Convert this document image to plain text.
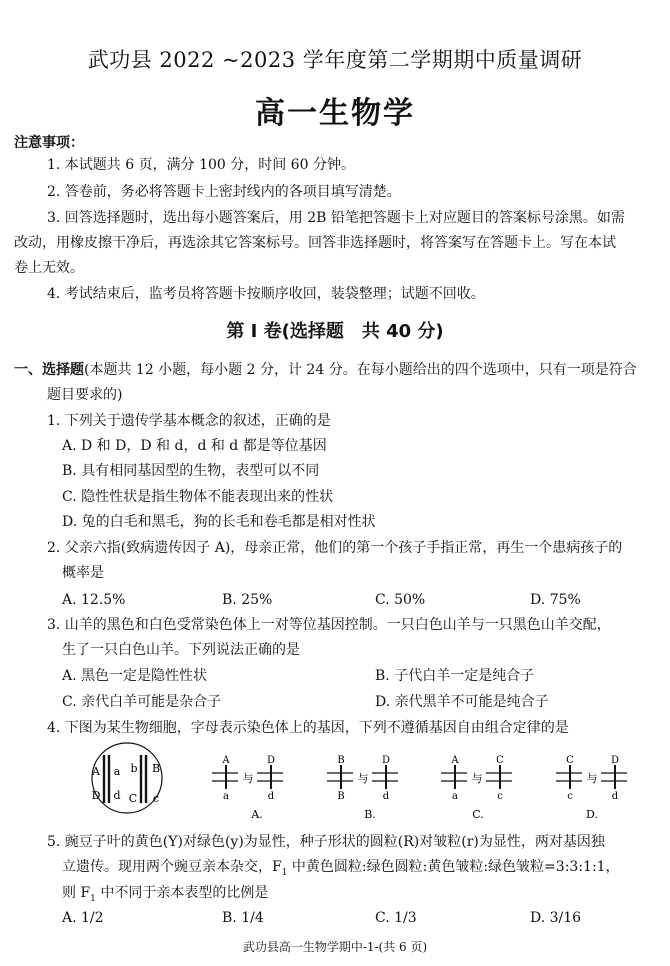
武功县 2022 ~2023 学年度第二学期期中质量调研
高一生物学
注意事项：
1. 本试题共 6 页，满分 100 分，时间 60 分钟。
2. 答卷前，务必将答题卡上密封线内的各项目填写清楚。
3. 回答选择题时，选出每小题答案后，用 2B 铅笔把答题卡上对应题目的答案标号涂黑。如需
改动，用橡皮擦干净后，再选涂其它答案标号。回答非选择题时，将答案写在答题卡上。写在本试
卷上无效。
4. 考试结束后，监考员将答题卡按顺序收回，装袋整理；试题不回收。
第 I 卷(选择题　共 40 分)
一、选择题(本题共 12 小题，每小题 2 分，计 24 分。在每小题给出的四个选项中，只有一项是符合
题目要求的)
1. 下列关于遗传学基本概念的叙述，正确的是
A. D 和 D，D 和 d，d 和 d 都是等位基因
B. 具有相同基因型的生物，表型可以不同
C. 隐性性状是指生物体不能表现出来的性状
D. 兔的白毛和黑毛，狗的长毛和卷毛都是相对性状
2. 父亲六指(致病遗传因子 A)，母亲正常，他们的第一个孩子手指正常，再生一个患病孩子的
概率是
A. 12.5%	B. 25%	C. 50%	D. 75%
3. 山羊的黑色和白色受常染色体上一对等位基因控制。一只白色山羊与一只黑色山羊交配，
生了一只白色山羊。下列说法正确的是
A. 黑色一定是隐性性状	B. 子代白羊一定是纯合子
C. 亲代白羊可能是杂合子	D. 亲代黑羊不可能是纯合子
4. 下图为某生物细胞，字母表示染色体上的基因，下列不遵循基因自由组合定律的是
A a	B
b
D d C c
A
a
与
D
d
A.
B
B
与
D
d
B.
A
a
与
C
c
C.
C
c
与
D
d
D.
5. 豌豆子叶的黄色(Y)对绿色(y)为显性，种子形状的圆粒(R)对皱粒(r)为显性，两对基因独
立遗传。现用两个豌豆亲本杂交，$F_1$ 中黄色圆粒:绿色圆粒:黄色皱粒:绿色皱粒=3:3:1:1，
则 $F_1$ 中不同于亲本表型的比例是
A. 1/2	B. 1/4	C. 1/3	D. 3/16
武功县高一生物学期中-1-(共 6 页)
